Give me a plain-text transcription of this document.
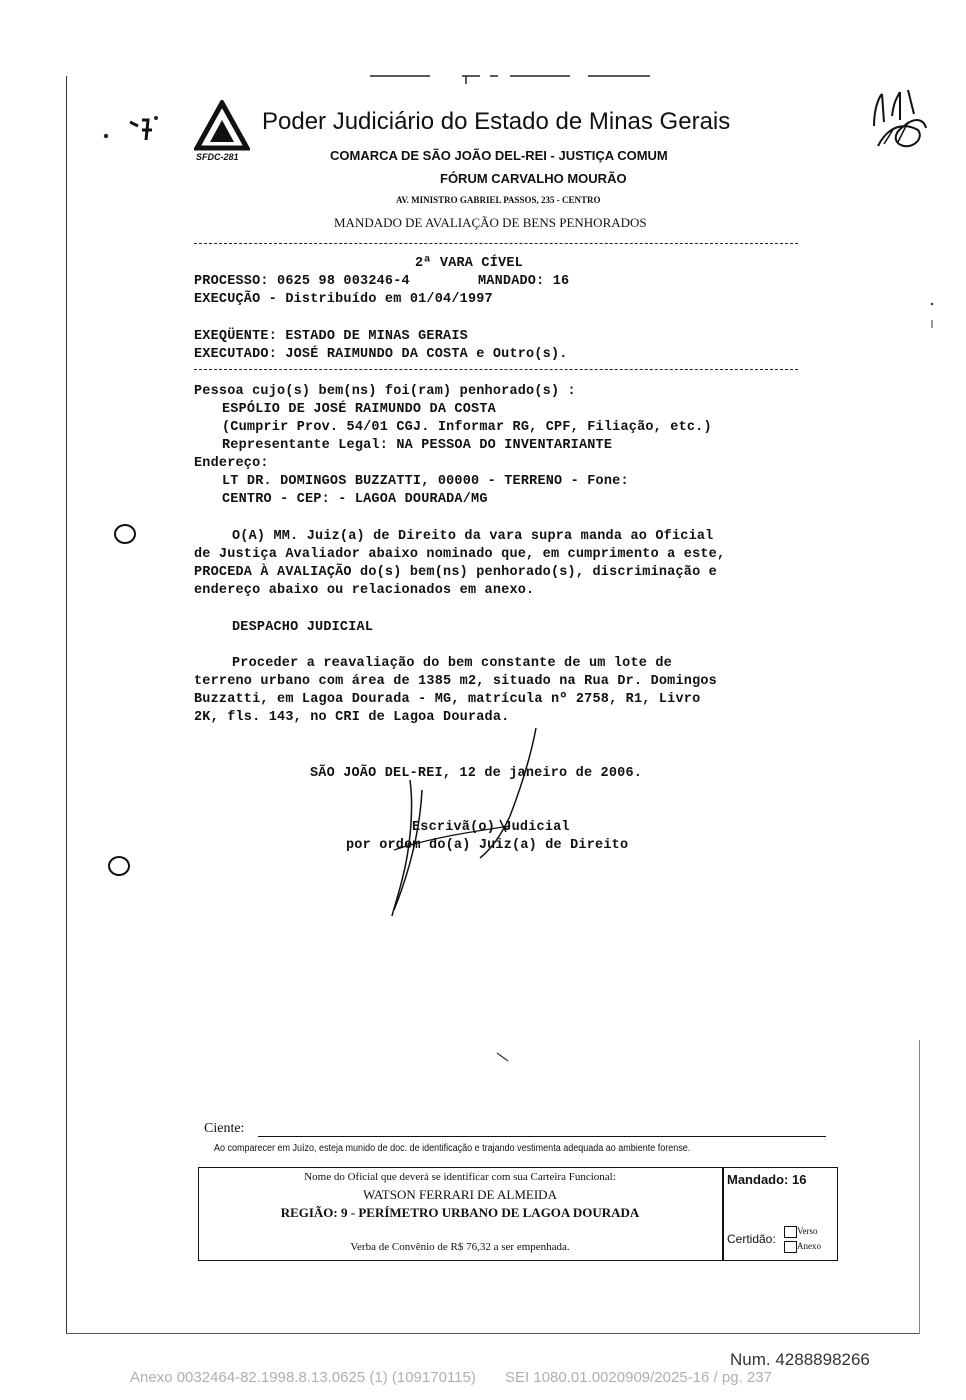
SFDC-281
Poder Judiciário do Estado de Minas Gerais
COMARCA DE SÃO JOÃO DEL-REI - JUSTIÇA COMUM
FÓRUM CARVALHO MOURÃO
AV. MINISTRO GABRIEL PASSOS, 235 - CENTRO
MANDADO DE AVALIAÇÃO DE BENS PENHORADOS
2ª VARA CÍVEL
PROCESSO: 0625 98 003246-4	MANDADO: 16
EXECUÇÃO - Distribuído em 01/04/1997
EXEQÜENTE: ESTADO DE MINAS GERAIS
EXECUTADO: JOSÉ RAIMUNDO DA COSTA e Outro(s).
Pessoa cujo(s) bem(ns) foi(ram) penhorado(s) :
ESPÓLIO DE JOSÉ RAIMUNDO DA COSTA
(Cumprir Prov. 54/01 CGJ. Informar RG, CPF, Filiação, etc.)
Representante Legal: NA PESSOA DO INVENTARIANTE
Endereço:
LT DR. DOMINGOS BUZZATTI, 00000 - TERRENO - Fone:
CENTRO - CEP: - LAGOA DOURADA/MG
O(A) MM. Juiz(a) de Direito da vara supra manda ao Oficial
de Justiça Avaliador abaixo nominado que, em cumprimento a este,
PROCEDA À AVALIAÇÃO do(s) bem(ns) penhorado(s), discriminação e
endereço abaixo ou relacionados em anexo.
DESPACHO JUDICIAL
Proceder a reavaliação do bem constante de um lote de
terreno urbano com área de 1385 m2, situado na Rua Dr. Domingos
Buzzatti, em Lagoa Dourada - MG, matrícula nº 2758, R1, Livro
2K, fls. 143, no CRI de Lagoa Dourada.
SÃO JOÃO DEL-REI, 12 de janeiro de 2006.
Escrivã(o) Judicial
por ordem do(a) Juiz(a) de Direito
Ciente:
Ao comparecer em Juízo, esteja munido de doc. de identificação e trajando vestimenta adequada ao ambiente forense.
Nome do Oficial que deverá se identificar com sua Carteira Funcional:
WATSON FERRARI DE ALMEIDA
REGIÃO: 9 - PERÍMETRO URBANO DE LAGOA DOURADA
Verba de Convênio de R$ 76,32 a ser empenhada.
Mandado: 16
Certidão:
Verso
Anexo
Num. 4288898266
Anexo 0032464-82.1998.8.13.0625 (1) (109170115)       SEI 1080.01.0020909/2025-16 / pg. 237
